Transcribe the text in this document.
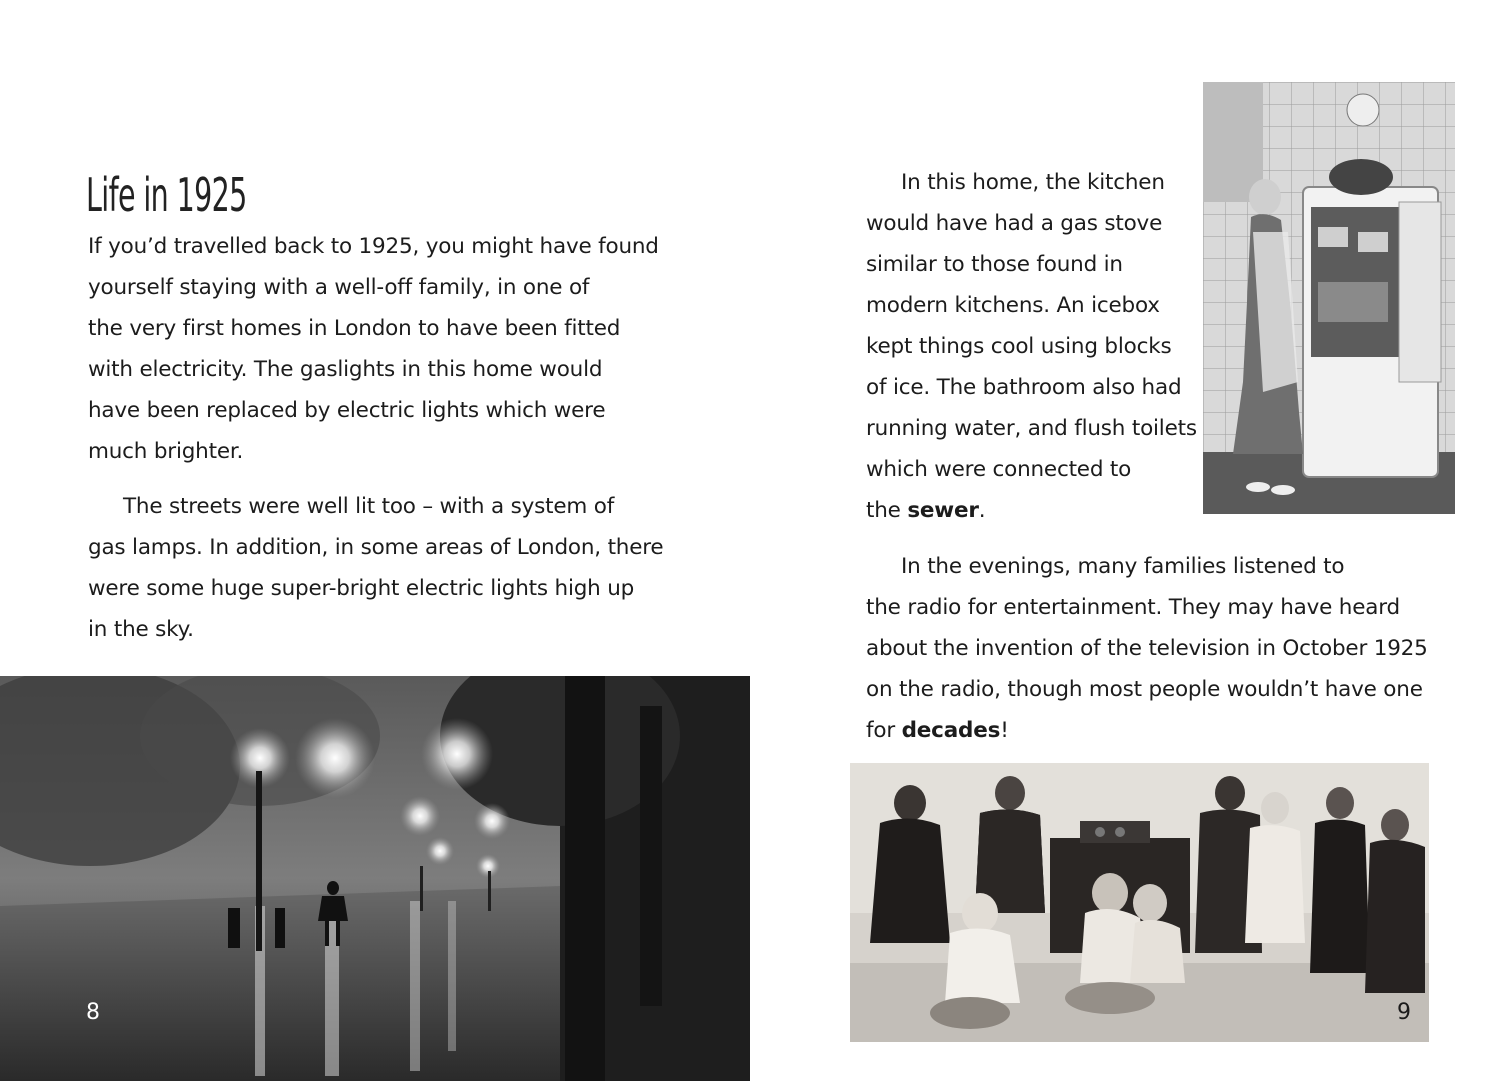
Life in 1925
If you’d travelled back to 1925, you might have found
yourself staying with a well-off family, in one of
the very first homes in London to have been fitted
with electricity. The gaslights in this home would
have been replaced by electric lights which were
much brighter.
The streets were well lit too – with a system of
gas lamps. In addition, in some areas of London, there
were some huge super-bright electric lights high up
in the sky.
8
In this home, the kitchen
would have had a gas stove
similar to those found in
modern kitchens. An icebox
kept things cool using blocks
of ice. The bathroom also had
running water, and flush toilets
which were connected to
the sewer.
In the evenings, many families listened to
the radio for entertainment. They may have heard
about the invention of the television in October 1925
on the radio, though most people wouldn’t have one
for decades!
9
